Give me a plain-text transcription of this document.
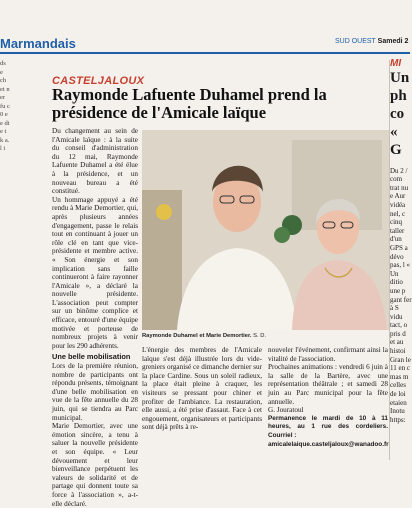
Marmandais	SUD OUEST Samedi 2
ds e ch et n er fu c 0 e e di e t k a. l i
CASTELJALOUX
Raymonde Lafuente Duhamel prend la présidence de l'Amicale laïque

Du changement au sein de l'Amicale laïque : à la suite du conseil d'administration du 12 mai, Raymonde Lafuente Duhamel a été élue à la présidence, et un nouveau bureau a été constitué.

Un hommage appuyé a été rendu à Marie Demortier, qui, après plusieurs années d'engagement, passe le relais tout en continuant à jouer un rôle clé en tant que vice-présidente et membre active. « Son énergie et son implication sans faille continueront à faire rayonner l'Amicale », a déclaré la nouvelle présidente. L'association peut compter sur un binôme complice et efficace, entouré d'une équipe motivée et porteuse de nombreux projets à venir pour les 290 adhérents.

Une belle mobilisation

Lors de la première réunion, nombre de participants ont répondu présents, témoignant d'une belle mobilisation en vue de la fête annuelle du 28 juin, qui se tiendra au Parc municipal.

Marie Demortier, avec une émotion sincère, a tenu à saluer la nouvelle présidente et son équipe. « Leur dévouement et leur bienveillance perpétuent les valeurs de solidarité et de partage qui donnent toute sa force à l'association », a-t-elle déclaré.

Raymonde Duhamel et Marie Demortier. S. D.

L'énergie des membres de l'Amicale laïque s'est déjà illustrée lors du vide-greniers organisé ce dimanche dernier sur la place Cardine. Sous un soleil radieux, la place était pleine à craquer, les visiteurs se pressant pour chiner et profiter de l'ambiance. La restauration, elle aussi, a été prise d'assaut. Face à cet engouement, organisateurs et participants sont déjà prêts à re-

nouveler l'événement, confirmant ainsi la vitalité de l'association.

Prochaines animations : vendredi 6 juin à la salle de la Bartère, avec une représentation théâtrale ; et samedi 28 juin au Parc municipal pour la fête annuelle.

G. Jouratoul

Permanence le mardi de 10 à 11 heures, au 1 rue des cordeliers. Courriel :

amicalelaique.casteljaloux@wanadoo.fr

MI
Un
ph
co
« G
Du 2 / com trat nu e Aur vidéa nel, c cinq taller d'un GPS a dévo pas, l « Un ditio une p gant fer à S vidu tact, o pris d et au histoi Gran le 11 en c mas m celles de loi etaien Inotu https:
